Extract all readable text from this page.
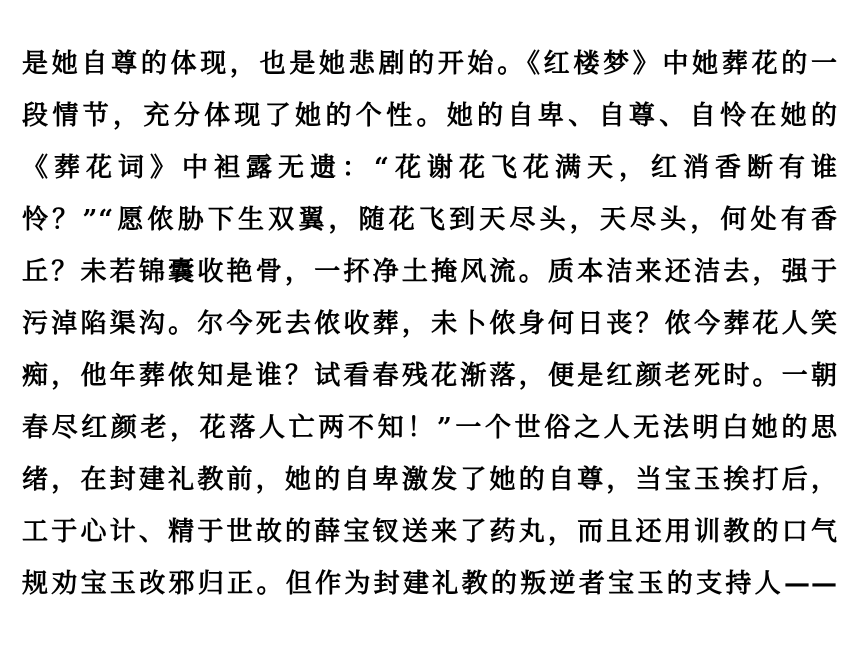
是她自尊的体现，也是她悲剧的开始。《红楼梦》中她葬花的一
段情节，充分体现了她的个性。她的自卑、自尊、自怜在她的
《葬花词》中袒露无遗：“花谢花飞花满天，红消香断有谁
怜？”“愿侬胁下生双翼，随花飞到天尽头，天尽头，何处有香
丘？未若锦囊收艳骨，一抔净土掩风流。质本洁来还洁去，强于
污淖陷渠沟。尔今死去侬收葬，未卜侬身何日丧？侬今葬花人笑
痴，他年葬侬知是谁？试看春残花渐落，便是红颜老死时。一朝
春尽红颜老，花落人亡两不知！”一个世俗之人无法明白她的思
绪，在封建礼教前，她的自卑激发了她的自尊，当宝玉挨打后，
工于心计、精于世故的薛宝钗送来了药丸，而且还用训教的口气
规劝宝玉改邪归正。但作为封建礼教的叛逆者宝玉的支持人——
